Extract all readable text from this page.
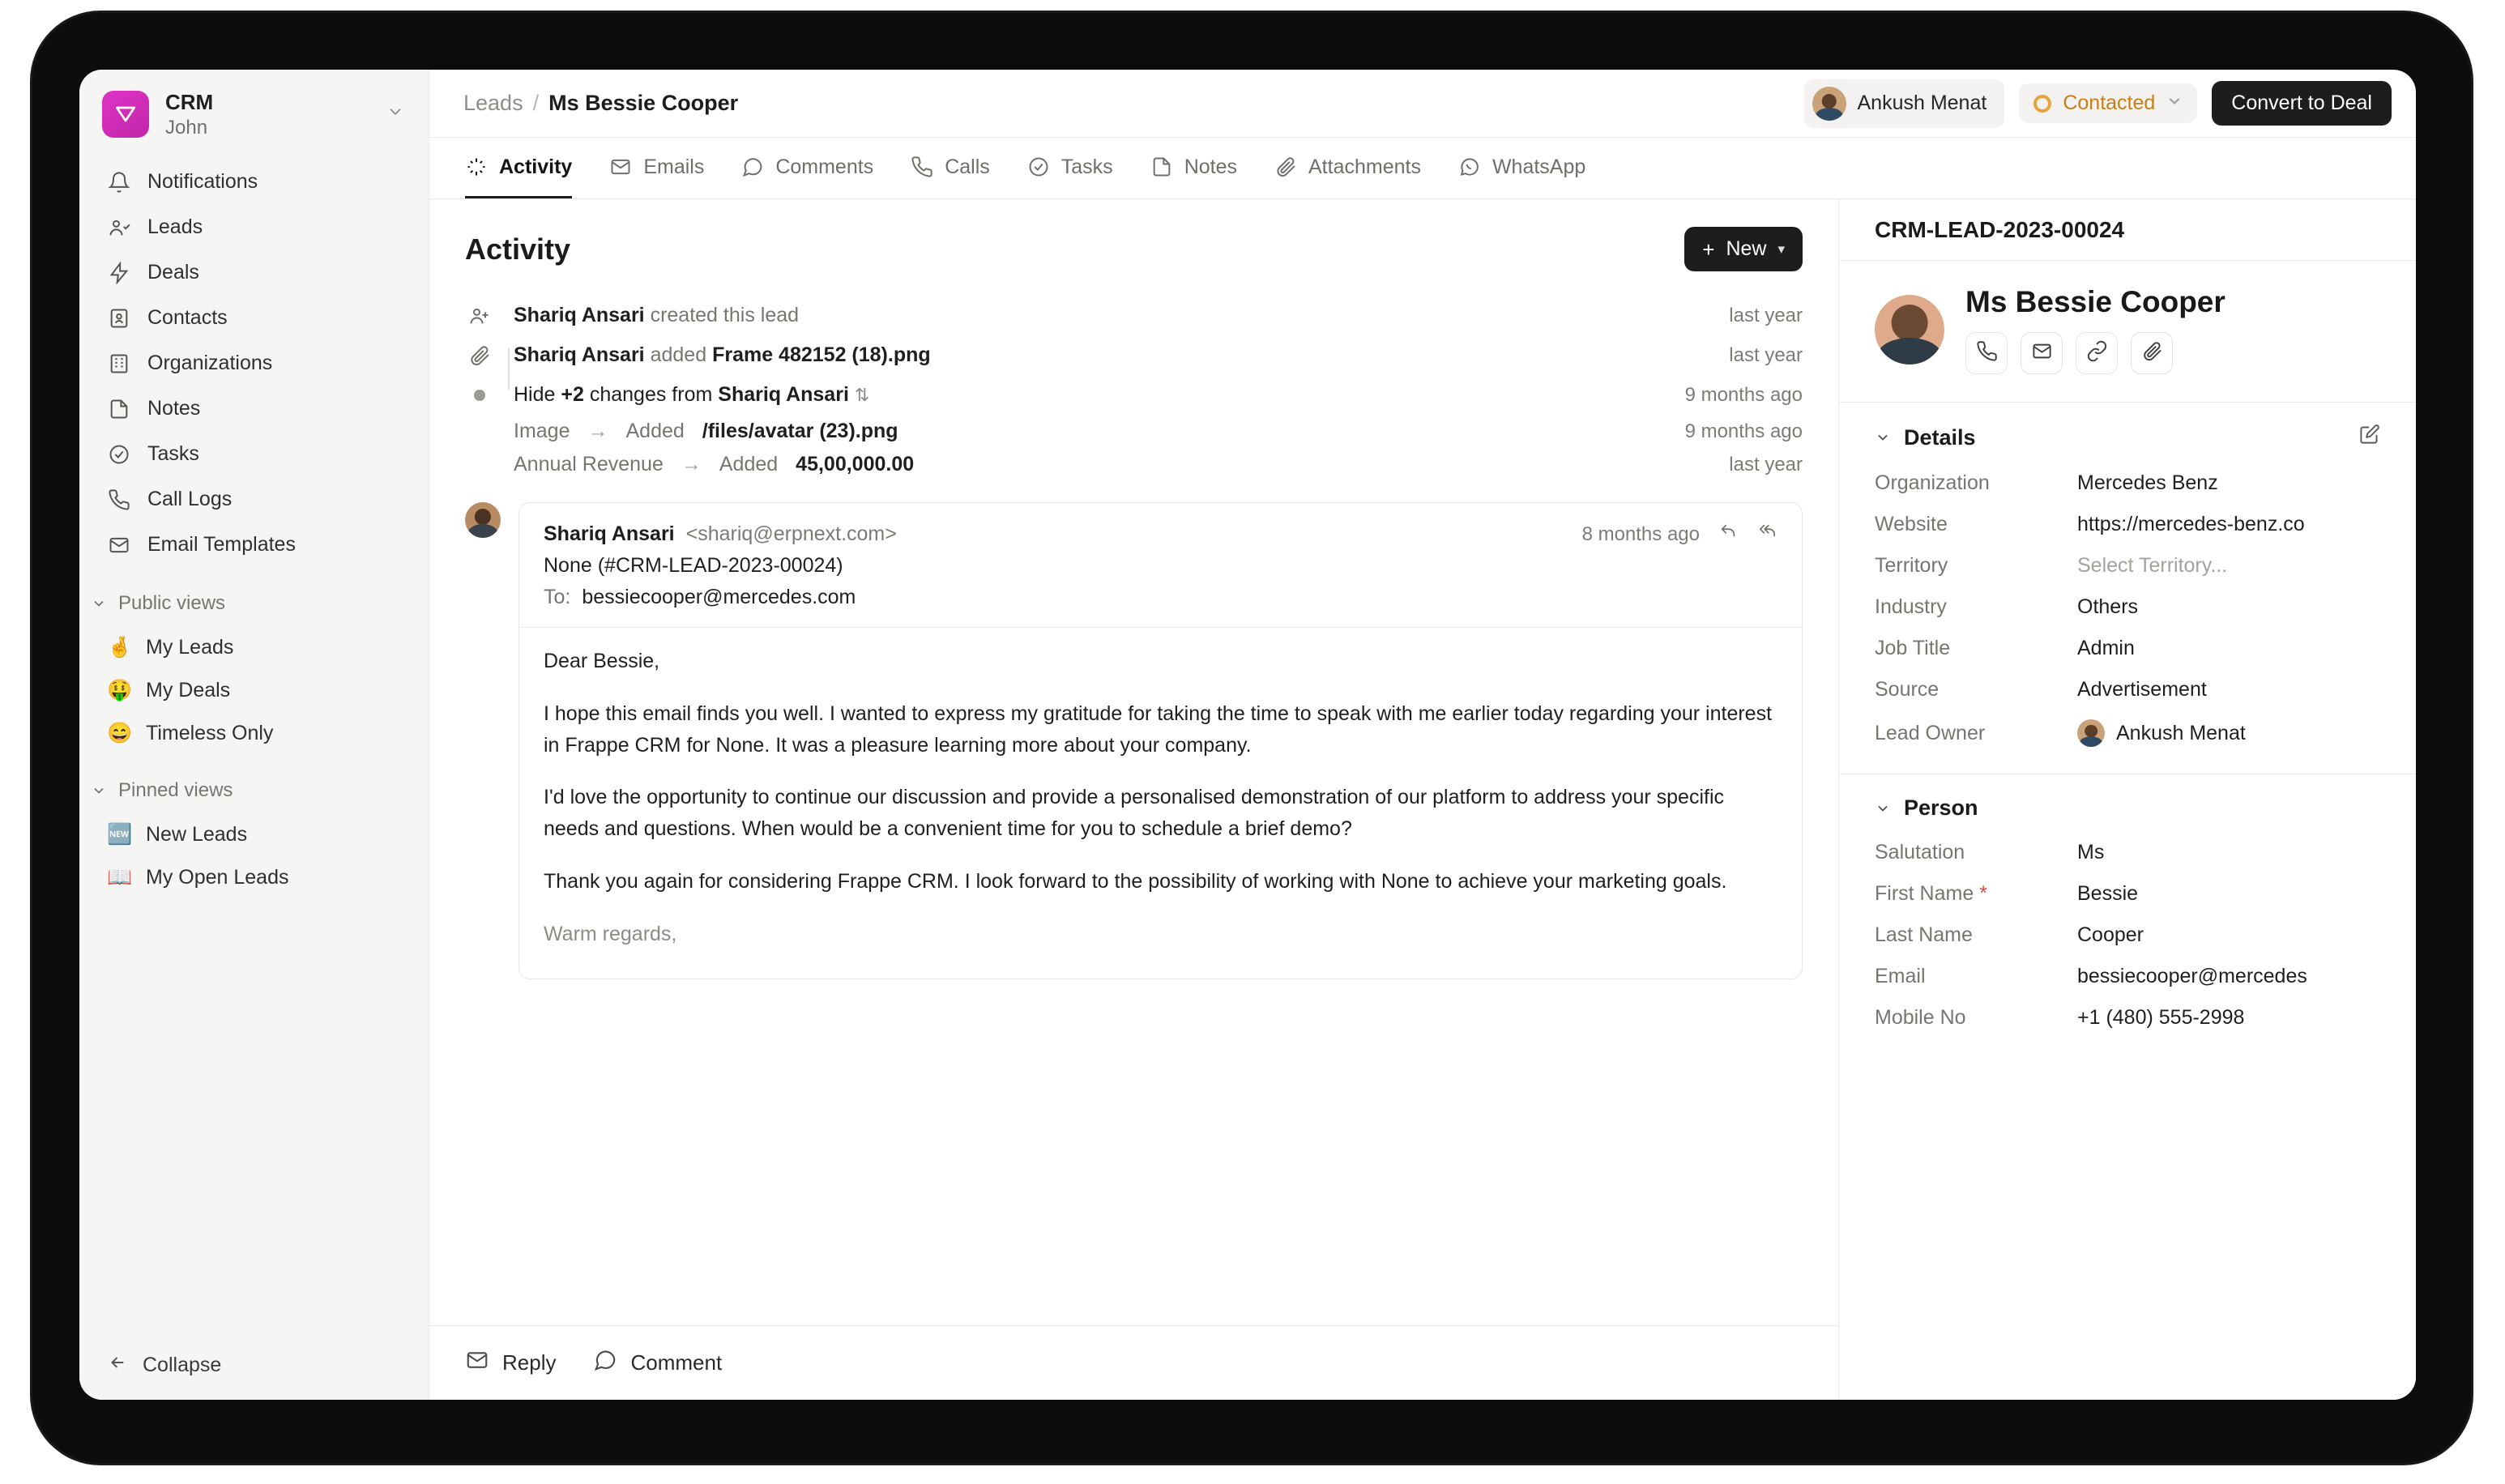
CRM
John
Notifications
Leads
Deals
Contacts
Organizations
Notes
Tasks
Call Logs
Email Templates
Public views
🤞 My Leads
🤑 My Deals
😄 Timeless Only
Pinned views
🆕 New Leads
📖 My Open Leads
Collapse
Leads / Ms Bessie Cooper	Ankush Menat	Contacted	Convert to Deal
Activity	Emails	Comments	Calls	Tasks	Notes	Attachments	WhatsApp
Activity	+ New ▾
Shariq Ansari created this lead	last year
Shariq Ansari added Frame 482152 (18).png	last year
Hide +2 changes from Shariq Ansari ⇅	9 months ago
Image → Added /files/avatar (23).png	9 months ago
Annual Revenue → Added 45,00,000.00	last year
Shariq Ansari <shariq@erpnext.com>	8 months ago
None (#CRM-LEAD-2023-00024)
To: bessiecooper@mercedes.com

Dear Bessie,

I hope this email finds you well. I wanted to express my gratitude for taking the time to speak with me earlier today regarding your interest in Frappe CRM for None. It was a pleasure learning more about your company.

I'd love the opportunity to continue our discussion and provide a personalised demonstration of our platform to address your specific needs and questions. When would be a convenient time for you to schedule a brief demo?

Thank you again for considering Frappe CRM. I look forward to the possibility of working with None to achieve your marketing goals.

Warm regards,

Reply	Comment
CRM-LEAD-2023-00024
Ms Bessie Cooper
Details
Organization	Mercedes Benz
Website	https://mercedes-benz.co
Territory	Select Territory...
Industry	Others
Job Title	Admin
Source	Advertisement
Lead Owner	Ankush Menat
Person
Salutation	Ms
First Name *	Bessie
Last Name	Cooper
Email	bessiecooper@mercedes
Mobile No	+1 (480) 555-2998
